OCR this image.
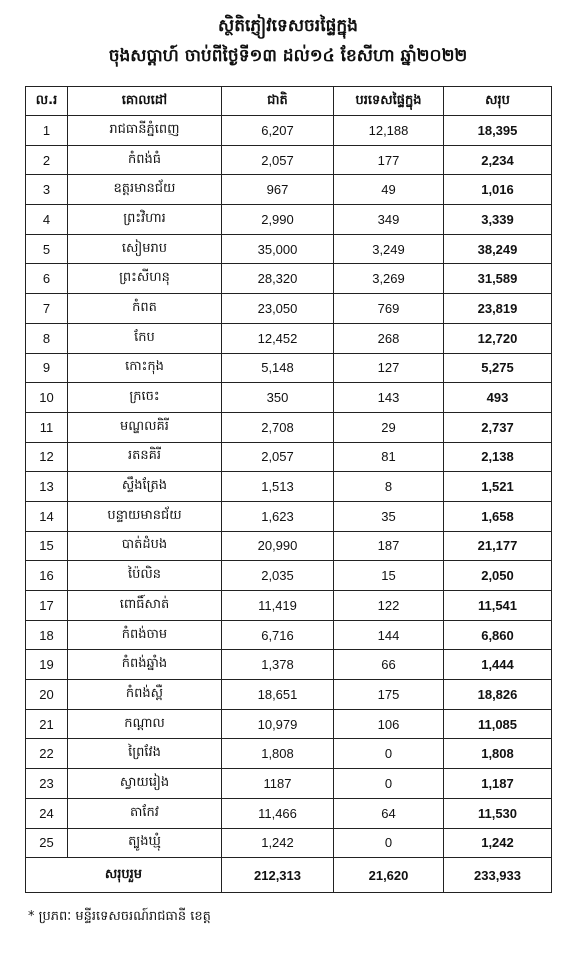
ស្ថិតិភ្ញៀវទេសចរផ្ទៃក្នុង
ចុងសប្តាហ៍ ចាប់ពីថ្ងៃទី១៣ ដល់១៤ ខែសីហា ឆ្នាំ២០២២
ល.រ	គោលដៅ	ជាតិ	បរទេសផ្ទៃក្នុង	សរុប
1	រាជធានីភ្នំពេញ	6,207	12,188	18,395
2	កំពង់ធំ	2,057	177	2,234
3	ឧត្តរមានជ័យ	967	49	1,016
4	ព្រះវិហារ	2,990	349	3,339
5	សៀមរាប	35,000	3,249	38,249
6	ព្រះសីហនុ	28,320	3,269	31,589
7	កំពត	23,050	769	23,819
8	កែប	12,452	268	12,720
9	កោះកុង	5,148	127	5,275
10	ក្រចេះ	350	143	493
11	មណ្ឌលគិរី	2,708	29	2,737
12	រតនគិរី	2,057	81	2,138
13	ស្ទឹងត្រែង	1,513	8	1,521
14	បន្ទាយមានជ័យ	1,623	35	1,658
15	បាត់ដំបង	20,990	187	21,177
16	ប៉ៃលិន	2,035	15	2,050
17	ពោធិ៍សាត់	11,419	122	11,541
18	កំពង់ចាម	6,716	144	6,860
19	កំពង់ឆ្នាំង	1,378	66	1,444
20	កំពង់ស្ពឺ	18,651	175	18,826
21	កណ្តាល	10,979	106	11,085
22	ព្រៃវែង	1,808	0	1,808
23	ស្វាយរៀង	1187	0	1,187
24	តាកែវ	11,466	64	11,530
25	ត្បូងឃ្មុំ	1,242	0	1,242
សរុបរួម		212,313	21,620	233,933
* ប្រភពៈ មន្ទីរទេសចរណ៍រាជធានី ខេត្ត
